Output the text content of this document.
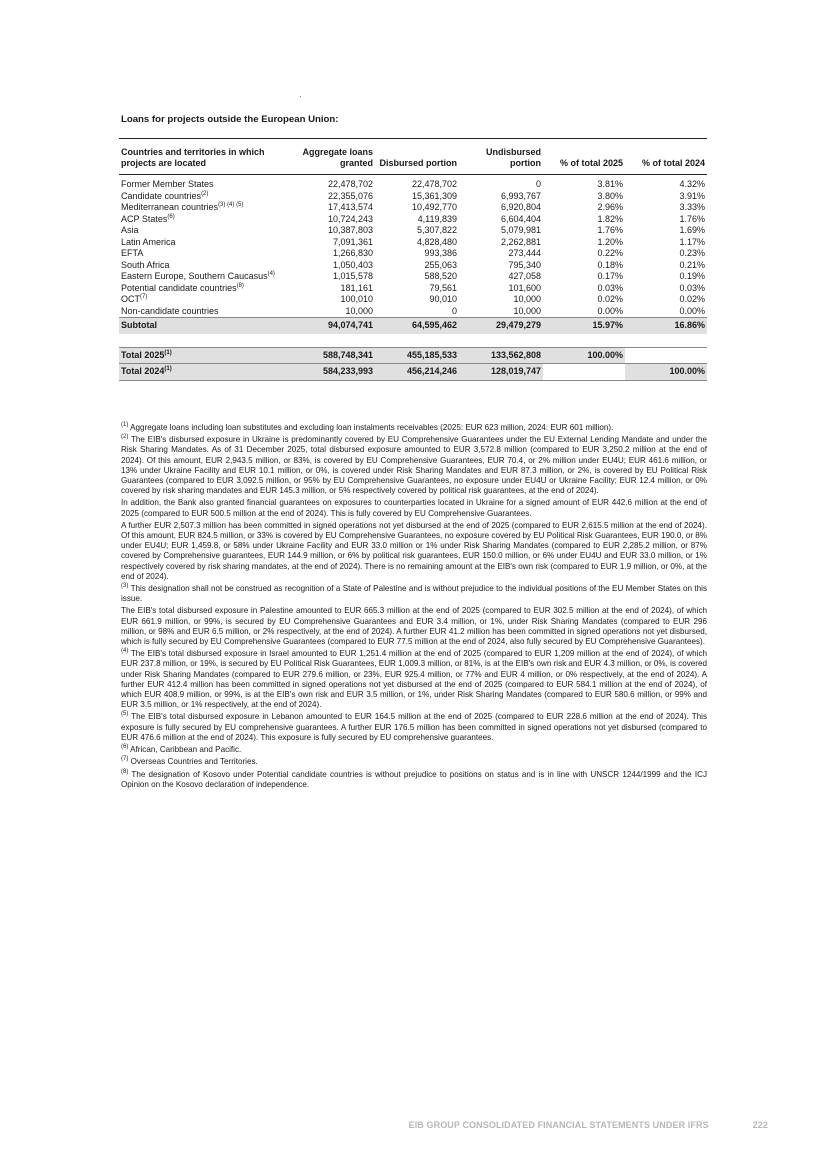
Loans for projects outside the European Union:
Countries and territories in which projects are located	Aggregate loans granted	Disbursed portion	Undisbursed portion	% of total 2025	% of total 2024
Former Member States	22,478,702	22,478,702	0	3.81%	4.32%
Candidate countries$^{(2)}$	22,355,076	15,361,309	6,993,767	3.80%	3.91%
Mediterranean countries$^{(3) (4) (5)}$	17,413,574	10,492,770	6,920,804	2.96%	3.33%
ACP States$^{(6)}$	10,724,243	4,119,839	6,604,404	1.82%	1.76%
Asia	10,387,803	5,307,822	5,079,981	1.76%	1.69%
Latin America	7,091,361	4,828,480	2,262,881	1.20%	1.17%
EFTA	1,266,830	993,386	273,444	0.22%	0.23%
South Africa	1,050,403	255,063	795,340	0.18%	0.21%
Eastern Europe, Southern Caucasus$^{(4)}$	1,015,578	588,520	427,058	0.17%	0.19%
Potential candidate countries$^{(8)}$	181,161	79,561	101,600	0.03%	0.03%
OCT$^{(7)}$	100,010	90,010	10,000	0.02%	0.02%
Non-candidate countries	10,000	0	10,000	0.00%	0.00%
Subtotal	94,074,741	64,595,462	29,479,279	15.97%	16.86%

Total 2025$^{(1)}$	588,748,341	455,185,533	133,562,808	100.00%	
Total 2024$^{(1)}$	584,233,993	456,214,246	128,019,747		100.00%

$^{(1)}$ Aggregate loans including loan substitutes and excluding loan instalments receivables (2025: EUR 623 million, 2024: EUR 601 million).

$^{(2)}$ The EIB's disbursed exposure in Ukraine is predominantly covered by EU Comprehensive Guarantees under the EU External Lending Mandate and under the Risk Sharing Mandates. As of 31 December 2025, total disbursed exposure amounted to EUR 3,572.8 million (compared to EUR 3,250.2 million at the end of 2024). Of this amount, EUR 2,943.5 million, or 83%, is covered by EU Comprehensive Guarantees, EUR 70.4, or 2% million under EU4U; EUR 461.6 million, or 13% under Ukraine Facility and EUR 10.1 million, or 0%, is covered under Risk Sharing Mandates and EUR 87.3 million, or 2%, is covered by EU Political Risk Guarantees (compared to EUR 3,092.5 million, or 95% by EU Comprehensive Guarantees, no exposure under EU4U or Ukraine Facility; EUR 12.4 million, or 0% covered by risk sharing mandates and EUR 145.3 million, or 5% respectively covered by political risk guarantees, at the end of 2024).

In addition, the Bank also granted financial guarantees on exposures to counterparties located in Ukraine for a signed amount of EUR 442.6 million at the end of 2025 (compared to EUR 500.5 million at the end of 2024). This is fully covered by EU Comprehensive Guarantees.

A further EUR 2,507.3 million has been committed in signed operations not yet disbursed at the end of 2025 (compared to EUR 2,615.5 million at the end of 2024). Of this amount, EUR 824.5 million, or 33% is covered by EU Comprehensive Guarantees, no exposure covered by EU Political Risk Guarantees, EUR 190.0, or 8% under EU4U; EUR 1,459.8, or 58% under Ukraine Facility and EUR 33.0 million or 1% under Risk Sharing Mandates (compared to EUR 2,285.2 million, or 87% covered by Comprehensive guarantees, EUR 144.9 million, or 6% by political risk guarantees, EUR 150.0 million, or 6% under EU4U and EUR 33.0 million, or 1% respectively covered by risk sharing mandates, at the end of 2024). There is no remaining amount at the EIB's own risk (compared to EUR 1.9 million, or 0%, at the end of 2024).

$^{(3)}$ This designation shall not be construed as recognition of a State of Palestine and is without prejudice to the individual positions of the EU Member States on this issue.

The EIB's total disbursed exposure in Palestine amounted to EUR 665.3 million at the end of 2025 (compared to EUR 302.5 million at the end of 2024), of which EUR 661.9 million, or 99%, is secured by EU Comprehensive Guarantees and EUR 3.4 million, or 1%, under Risk Sharing Mandates (compared to EUR 296 million, or 98% and EUR 6.5 million, or 2% respectively, at the end of 2024). A further EUR 41.2 million has been committed in signed operations not yet disbursed, which is fully secured by EU Comprehensive Guarantees (compared to EUR 77.5 million at the end of 2024, also fully secured by EU Comprehensive Guarantees).

$^{(4)}$ The EIB's total disbursed exposure in Israel amounted to EUR 1,251.4 million at the end of 2025 (compared to EUR 1,209 million at the end of 2024), of which EUR 237.8 million, or 19%, is secured by EU Political Risk Guarantees, EUR 1,009.3 million, or 81%, is at the EIB's own risk and EUR 4.3 million, or 0%, is covered under Risk Sharing Mandates (compared to EUR 279.6 million, or 23%, EUR 925.4 million, or 77% and EUR 4 million, or 0% respectively, at the end of 2024). A further EUR 412.4 million has been committed in signed operations not yet disbursed at the end of 2025 (compared to EUR 584.1 million at the end of 2024), of which EUR 408.9 million, or 99%, is at the EIB's own risk and EUR 3.5 million, or 1%, under Risk Sharing Mandates (compared to EUR 580.6 million, or 99% and EUR 3.5 million, or 1% respectively, at the end of 2024).

$^{(5)}$ The EIB's total disbursed exposure in Lebanon amounted to EUR 164.5 million at the end of 2025 (compared to EUR 228.6 million at the end of 2024). This exposure is fully secured by EU comprehensive guarantees. A further EUR 176.5 million has been committed in signed operations not yet disbursed (compared to EUR 476.6 million at the end of 2024). This exposure is fully secured by EU comprehensive guarantees.

$^{(6)}$ African, Caribbean and Pacific.

$^{(7)}$ Overseas Countries and Territories.

$^{(8)}$ The designation of Kosovo under Potential candidate countries is without prejudice to positions on status and is in line with UNSCR 1244/1999 and the ICJ Opinion on the Kosovo declaration of independence.

EIB GROUP CONSOLIDATED FINANCIAL STATEMENTS UNDER IFRS	222
